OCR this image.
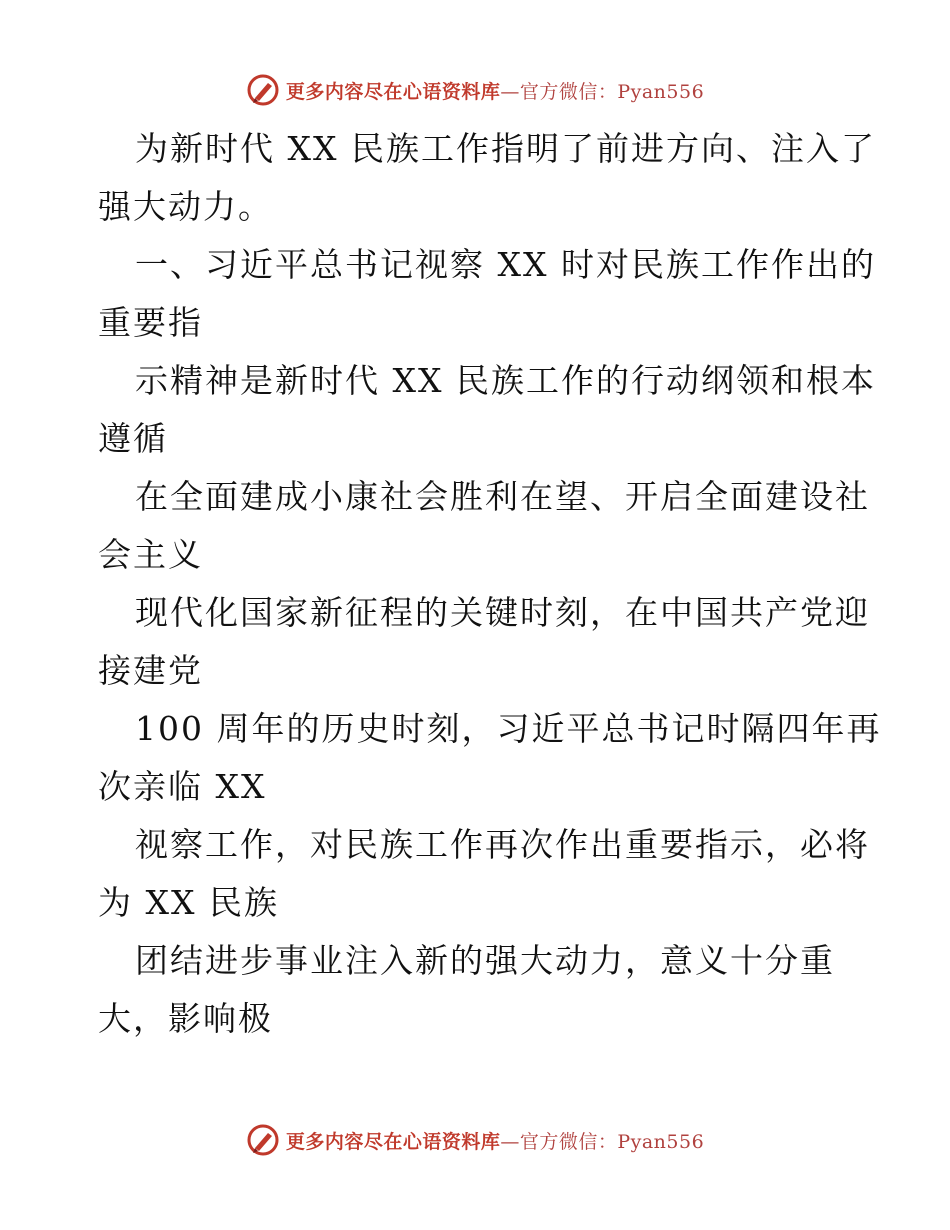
更多内容尽在心语资料库—官方微信：Pyan556
为新时代 XX 民族工作指明了前进方向、注入了
强大动力。
一、习近平总书记视察 XX 时对民族工作作出的
重要指
示精神是新时代 XX 民族工作的行动纲领和根本
遵循
在全面建成小康社会胜利在望、开启全面建设社
会主义
现代化国家新征程的关键时刻，在中国共产党迎
接建党
100 周年的历史时刻，习近平总书记时隔四年再
次亲临 XX
视察工作，对民族工作再次作出重要指示，必将
为 XX 民族
团结进步事业注入新的强大动力，意义十分重
大，影响极
更多内容尽在心语资料库—官方微信：Pyan556
